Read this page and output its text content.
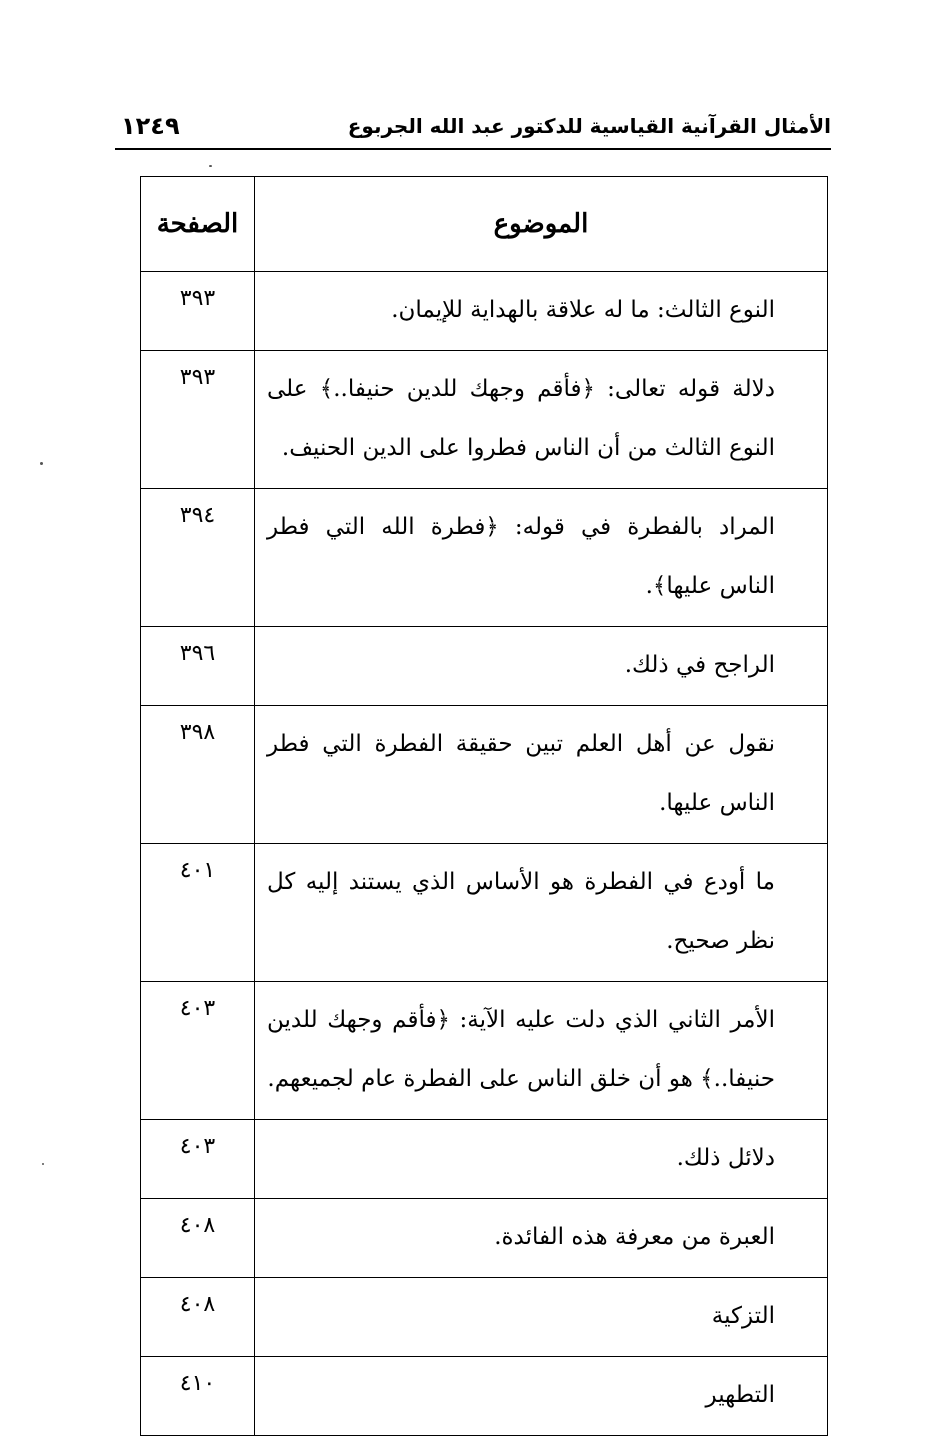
الأمثال القرآنية القياسية للدكتور عبد الله الجربوع
١٢٤٩
الموضوع	الصفحة
النوع الثالث: ما له علاقة بالهداية للإيمان.	٣٩٣
دلالة قوله تعالى: ﴿فأقم وجهك للدين حنيفا..﴾ على النوع الثالث من أن الناس فطروا على الدين الحنيف.	٣٩٣
المراد بالفطرة في قوله: ﴿فطرة الله التي فطر الناس عليها﴾.	٣٩٤
الراجح في ذلك.	٣٩٦
نقول عن أهل العلم تبين حقيقة الفطرة التي فطر الناس عليها.	٣٩٨
ما أودع في الفطرة هو الأساس الذي يستند إليه كل نظر صحيح.	٤٠١
الأمر الثاني الذي دلت عليه الآية: ﴿فأقم وجهك للدين حنيفا..﴾ هو أن خلق الناس على الفطرة عام لجميعهم.	٤٠٣
دلائل ذلك.	٤٠٣
العبرة من معرفة هذه الفائدة.	٤٠٨
التزكية	٤٠٨
التطهير	٤١٠
